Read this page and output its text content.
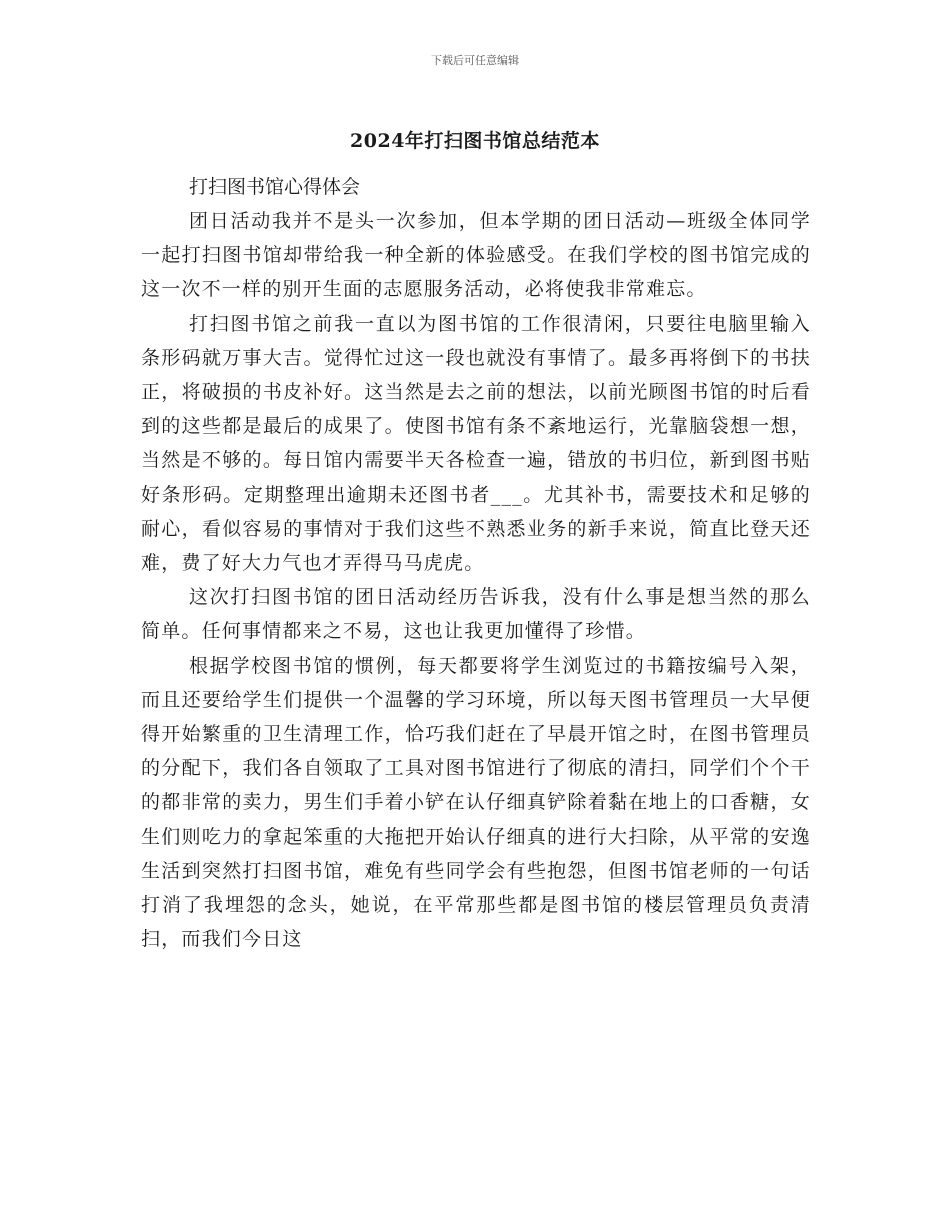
下载后可任意编辑
2024年打扫图书馆总结范本

打扫图书馆心得体会

团日活动我并不是头一次参加，但本学期的团日活动—班级全体同学一起打扫图书馆却带给我一种全新的体验感受。在我们学校的图书馆完成的这一次不一样的别开生面的志愿服务活动，必将使我非常难忘。

打扫图书馆之前我一直以为图书馆的工作很清闲，只要往电脑里输入条形码就万事大吉。觉得忙过这一段也就没有事情了。最多再将倒下的书扶正，将破损的书皮补好。这当然是去之前的想法，以前光顾图书馆的时后看到的这些都是最后的成果了。使图书馆有条不紊地运行，光靠脑袋想一想，当然是不够的。每日馆内需要半天各检查一遍，错放的书归位，新到图书贴好条形码。定期整理出逾期未还图书者___。尤其补书，需要技术和足够的耐心，看似容易的事情对于我们这些不熟悉业务的新手来说，简直比登天还难，费了好大力气也才弄得马马虎虎。

这次打扫图书馆的团日活动经历告诉我，没有什么事是想当然的那么简单。任何事情都来之不易，这也让我更加懂得了珍惜。

根据学校图书馆的惯例，每天都要将学生浏览过的书籍按编号入架，而且还要给学生们提供一个温馨的学习环境，所以每天图书管理员一大早便得开始繁重的卫生清理工作，恰巧我们赶在了早晨开馆之时，在图书管理员的分配下，我们各自领取了工具对图书馆进行了彻底的清扫，同学们个个干的都非常的卖力，男生们手着小铲在认仔细真铲除着黏在地上的口香糖，女生们则吃力的拿起笨重的大拖把开始认仔细真的进行大扫除，从平常的安逸生活到突然打扫图书馆，难免有些同学会有些抱怨，但图书馆老师的一句话打消了我埋怨的念头，她说，在平常那些都是图书馆的楼层管理员负责清扫，而我们今日这
